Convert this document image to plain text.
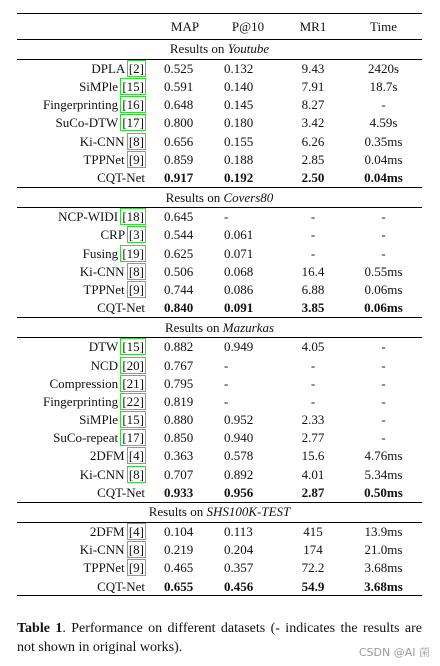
	MAP	P@10	MR1	Time
Results on Youtube				
DPLA [2]	0.525	0.132	9.43	2420s
SiMPle [15]	0.591	0.140	7.91	18.7s
Fingerprinting [16]	0.648	0.145	8.27	-
SuCo-DTW [17]	0.800	0.180	3.42	4.59s
Ki-CNN [8]	0.656	0.155	6.26	0.35ms
TPPNet [9]	0.859	0.188	2.85	0.04ms
CQT-Net	0.917	0.192	2.50	0.04ms
Results on Covers80				
NCP-WIDI [18]	0.645	-	-	-
CRP [3]	0.544	0.061	-	-
Fusing [19]	0.625	0.071	-	-
Ki-CNN [8]	0.506	0.068	16.4	0.55ms
TPPNet [9]	0.744	0.086	6.88	0.06ms
CQT-Net	0.840	0.091	3.85	0.06ms
Results on Mazurkas				
DTW [15]	0.882	0.949	4.05	-
NCD [20]	0.767	-	-	-
Compression [21]	0.795	-	-	-
Fingerprinting [22]	0.819	-	-	-
SiMPle [15]	0.880	0.952	2.33	-
SuCo-repeat [17]	0.850	0.940	2.77	-
2DFM [4]	0.363	0.578	15.6	4.76ms
Ki-CNN [8]	0.707	0.892	4.01	5.34ms
CQT-Net	0.933	0.956	2.87	0.50ms
Results on SHS100K-TEST				
2DFM [4]	0.104	0.113	415	13.9ms
Ki-CNN [8]	0.219	0.204	174	21.0ms
TPPNet [9]	0.465	0.357	72.2	3.68ms
CQT-Net	0.655	0.456	54.9	3.68ms
Table 1. Performance on different datasets (- indicates the results are not shown in original works).	CSDN @AI 菌
